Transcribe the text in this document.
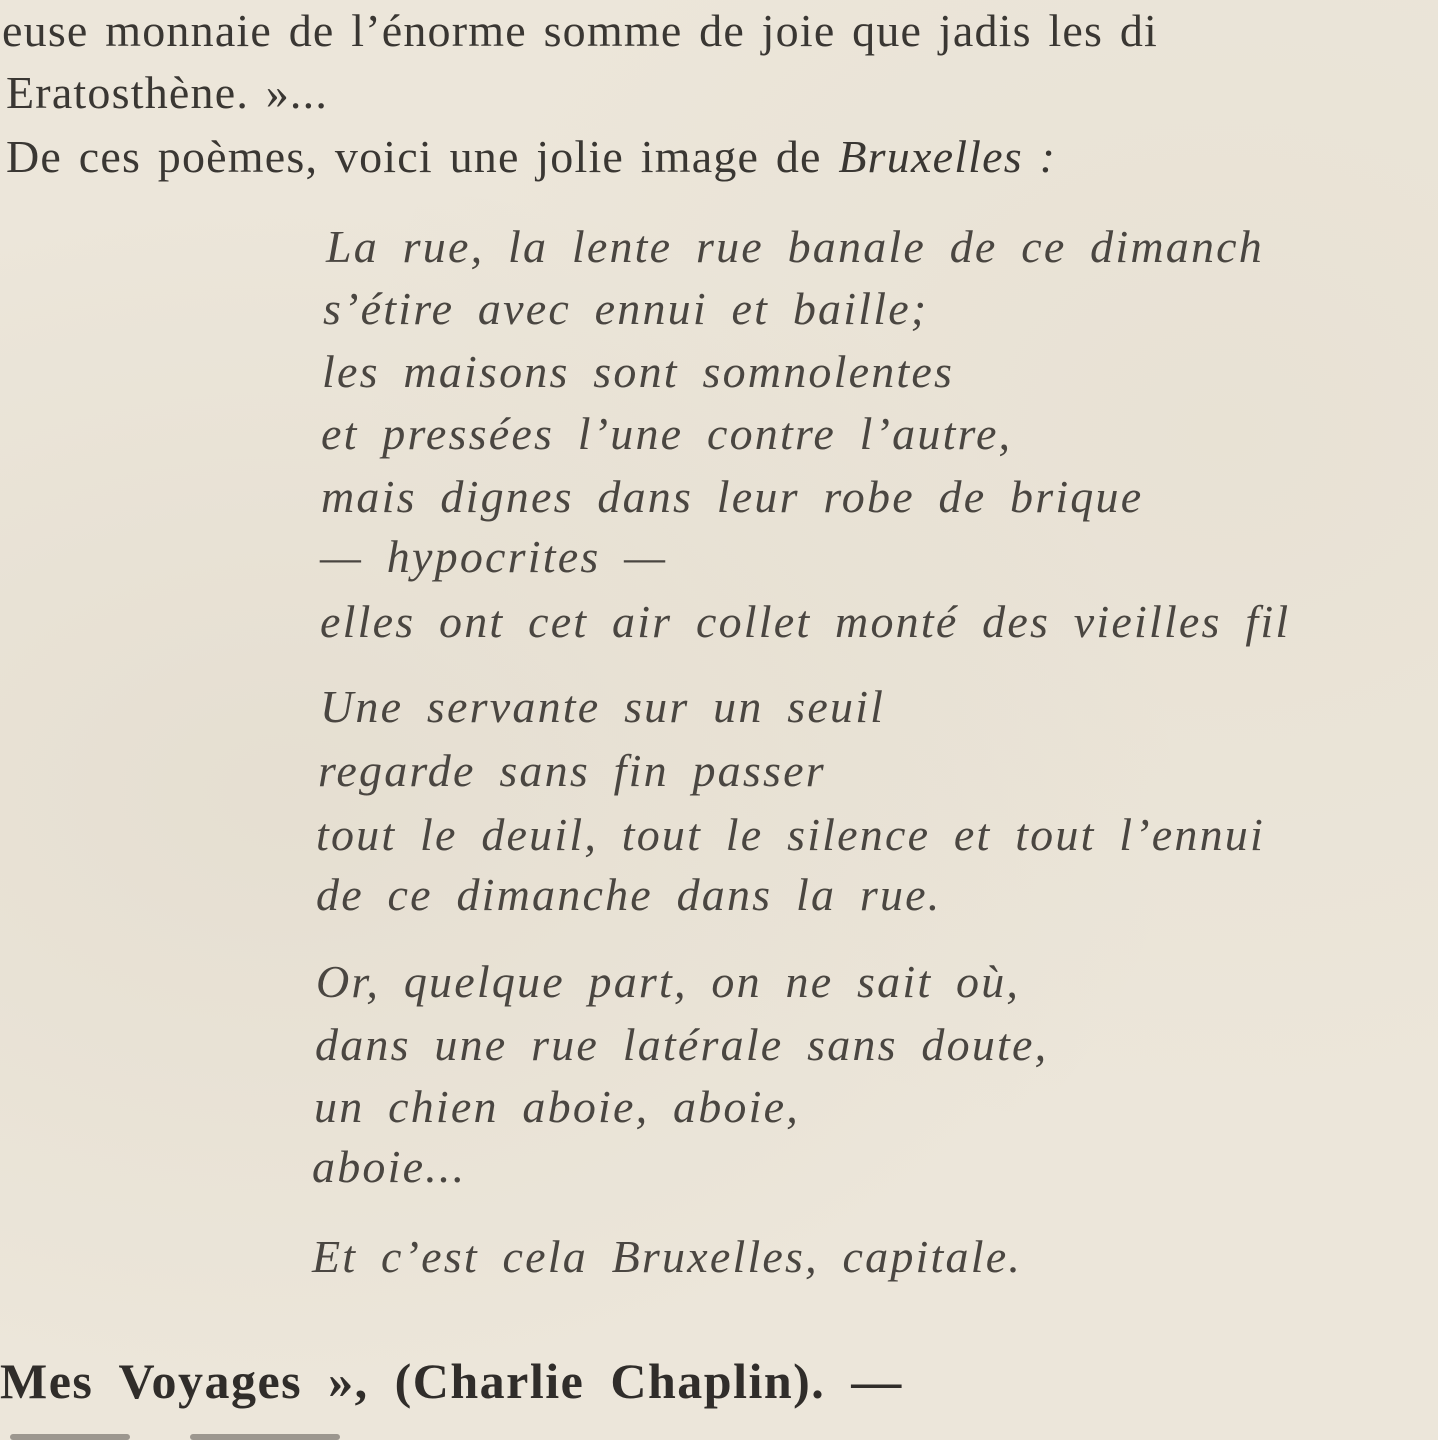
euse monnaie de l’énorme somme de joie que jadis les di

Eratosthène. »...

De ces poèmes, voici une jolie image de Bruxelles :

La rue, la lente rue banale de ce dimanch

s’étire avec ennui et baille;

les maisons sont somnolentes

et pressées l’une contre l’autre,

mais dignes dans leur robe de brique

— hypocrites —

elles ont cet air collet monté des vieilles fil

Une servante sur un seuil

regarde sans fin passer

tout le deuil, tout le silence et tout l’ennui

de ce dimanche dans la rue.

Or, quelque part, on ne sait où,

dans une rue latérale sans doute,

un chien aboie, aboie,

aboie...

Et c’est cela Bruxelles, capitale.

Mes Voyages », (Charlie Chaplin). —
